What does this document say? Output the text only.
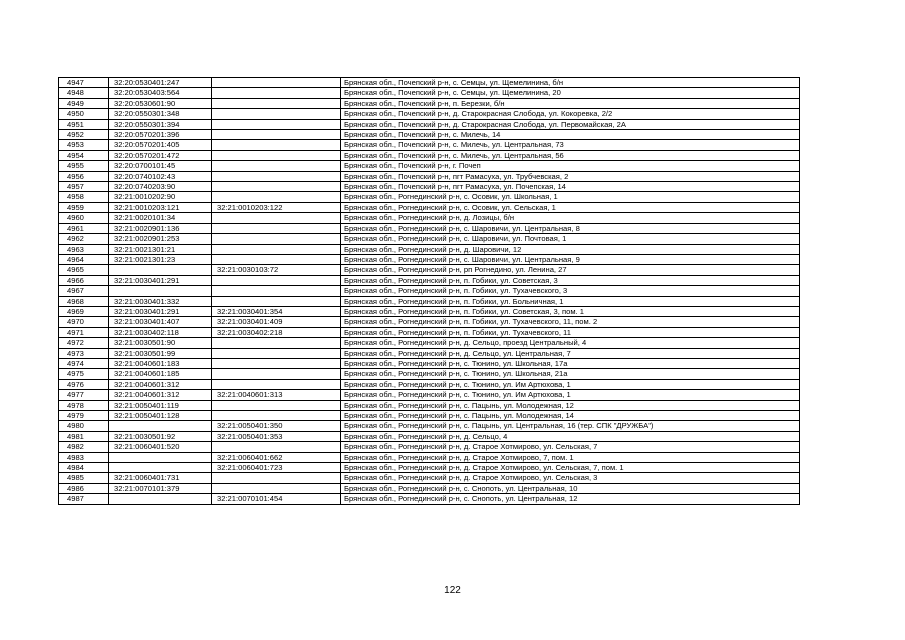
4947	32:20:0530401:247		Брянская обл., Почепский р-н, с. Семцы, ул. Щемелинина, б/н
4948	32:20:0530403:564		Брянская обл., Почепский р-н, с. Семцы, ул. Щемелинина, 20
4949	32:20:0530601:90		Брянская обл., Почепский р-н, п. Березки, б/н
4950	32:20:0550301:348		Брянская обл., Почепский р-н, д. Старокрасная Слобода, ул. Кокоревка, 2/2
4951	32:20:0550301:394		Брянская обл., Почепский р-н, д. Старокрасная Слобода, ул. Первомайская, 2А
4952	32:20:0570201:396		Брянская обл., Почепский р-н, с. Милечь, 14
4953	32:20:0570201:405		Брянская обл., Почепский р-н, с. Милечь, ул. Центральная, 73
4954	32:20:0570201:472		Брянская обл., Почепский р-н, с. Милечь, ул. Центральная, 56
4955	32:20:0700101:45		Брянская обл., Почепский р-н, г. Почеп
4956	32:20:0740102:43		Брянская обл., Почепский р-н, пгт Рамасуха, ул. Трубчевская, 2
4957	32:20:0740203:90		Брянская обл., Почепский р-н, пгт Рамасуха, ул. Почепская, 14
4958	32:21:0010202:90		Брянская обл., Рогнединский р-н, с. Осовик, ул. Школьная, 1
4959	32:21:0010203:121	32:21:0010203:122	Брянская обл., Рогнединский р-н, с. Осовик, ул. Сельская, 1
4960	32:21:0020101:34		Брянская обл., Рогнединский р-н, д. Лозицы, б/н
4961	32:21:0020901:136		Брянская обл., Рогнединский р-н, с. Шаровичи, ул. Центральная, 8
4962	32:21:0020901:253		Брянская обл., Рогнединский р-н, с. Шаровичи, ул. Почтовая, 1
4963	32:21:0021301:21		Брянская обл., Рогнединский р-н, д. Шаровичи, 12
4964	32:21:0021301:23		Брянская обл., Рогнединский р-н, с. Шаровичи, ул. Центральная, 9
4965		32:21:0030103:72	Брянская обл., Рогнединский р-н, рп Рогнедино, ул. Ленина, 27
4966	32:21:0030401:291		Брянская обл., Рогнединский р-н, п. Гобики, ул. Советская, 3
4967			Брянская обл., Рогнединский р-н, п. Гобики, ул. Тухачевского, 3
4968	32:21:0030401:332		Брянская обл., Рогнединский р-н, п. Гобики, ул. Больничная, 1
4969	32:21:0030401:291	32:21:0030401:354	Брянская обл., Рогнединский р-н, п. Гобики, ул. Советская, 3, пом. 1
4970	32:21:0030401:407	32:21:0030401:409	Брянская обл., Рогнединский р-н, п. Гобики, ул. Тухачевского, 11, пом. 2
4971	32:21:0030402:118	32:21:0030402:218	Брянская обл., Рогнединский р-н, п. Гобики, ул. Тухачевского, 11
4972	32:21:0030501:90		Брянская обл., Рогнединский р-н, д. Сельцо, проезд Центральный, 4
4973	32:21:0030501:99		Брянская обл., Рогнединский р-н, д. Сельцо, ул. Центральная, 7
4974	32:21:0040601:183		Брянская обл., Рогнединский р-н, с. Тюнино, ул. Школьная, 17а
4975	32:21:0040601:185		Брянская обл., Рогнединский р-н, с. Тюнино, ул. Школьная, 21а
4976	32:21:0040601:312		Брянская обл., Рогнединский р-н, с. Тюнино, ул. Им Артюхова, 1
4977	32:21:0040601:312	32:21:0040601:313	Брянская обл., Рогнединский р-н, с. Тюнино, ул. Им Артюхова, 1
4978	32:21:0050401:119		Брянская обл., Рогнединский р-н, с. Пацынь, ул. Молодежная, 12
4979	32:21:0050401:128		Брянская обл., Рогнединский р-н, с. Пацынь, ул. Молодежная, 14
4980		32:21:0050401:350	Брянская обл., Рогнединский р-н, с. Пацынь, ул. Центральная, 16 (тер. СПК "ДРУЖБА")
4981	32:21:0030501:92	32:21:0050401:353	Брянская обл., Рогнединский р-н, д. Сельцо, 4
4982	32:21:0060401:520		Брянская обл., Рогнединский р-н, д. Старое Хотмирово, ул. Сельская, 7
4983		32:21:0060401:662	Брянская обл., Рогнединский р-н, д. Старое Хотмирово, 7, пом. 1
4984		32:21:0060401:723	Брянская обл., Рогнединский р-н, д. Старое Хотмирово, ул. Сельская, 7, пом. 1
4985	32:21:0060401:731		Брянская обл., Рогнединский р-н, д. Старое Хотмирово, ул. Сельская, 3
4986	32:21:0070101:379		Брянская обл., Рогнединский р-н, с. Снопоть, ул. Центральная, 10
4987		32:21:0070101:454	Брянская обл., Рогнединский р-н, с. Снопоть, ул. Центральная, 12
122
